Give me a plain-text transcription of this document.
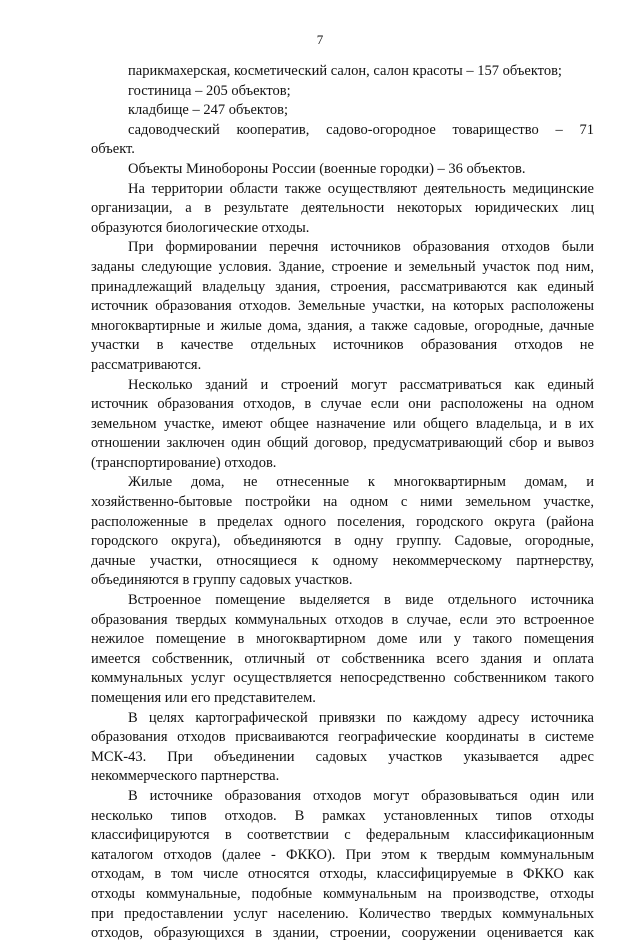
7
парикмахерская, косметический салон, салон красоты – 157 объектов;
гостиница – 205 объектов;
кладбище – 247 объектов;
садоводческий кооператив, садово-огородное товарищество – 71
объект.
Объекты Минобороны России (военные городки) – 36 объектов.
На территории области также осуществляют деятельность медицинские
организации, а в результате деятельности некоторых юридических лиц
образуются биологические отходы.
При формировании перечня источников образования отходов были
заданы следующие условия. Здание, строение и земельный участок под ним,
принадлежащий владельцу здания, строения, рассматриваются как единый
источник образования отходов. Земельные участки, на которых расположены
многоквартирные и жилые дома, здания, а также садовые, огородные, дачные
участки в качестве отдельных источников образования отходов не
рассматриваются.
Несколько зданий и строений могут рассматриваться как единый
источник образования отходов, в случае если они расположены на одном
земельном участке, имеют общее назначение или общего владельца, и в их
отношении заключен один общий договор, предусматривающий сбор и вывоз
(транспортирование) отходов.
Жилые дома, не отнесенные к многоквартирным домам, и
хозяйственно-бытовые постройки на одном с ними земельном участке,
расположенные в пределах одного поселения, городского округа (района
городского округа), объединяются в одну группу. Садовые, огородные,
дачные участки, относящиеся к одному некоммерческому партнерству,
объединяются в группу садовых участков.
Встроенное помещение выделяется в виде отдельного источника
образования твердых коммунальных отходов в случае, если это встроенное
нежилое помещение в многоквартирном доме или у такого помещения
имеется собственник, отличный от собственника всего здания и оплата
коммунальных услуг осуществляется непосредственно собственником такого
помещения или его представителем.
В целях картографической привязки по каждому адресу источника
образования отходов присваиваются географические координаты в системе
МСК-43. При объединении садовых участков указывается адрес
некоммерческого партнерства.
В источнике образования отходов могут образовываться один или
несколько типов отходов. В рамках установленных типов отходы
классифицируются в соответствии с федеральным классификационным
каталогом отходов (далее - ФККО). При этом к твердым коммунальным
отходам, в том числе относятся отходы, классифицируемые в ФККО как
отходы коммунальные, подобные коммунальным на производстве, отходы
при предоставлении услуг населению. Количество твердых коммунальных
отходов, образующихся в здании, строении, сооружении оценивается как
